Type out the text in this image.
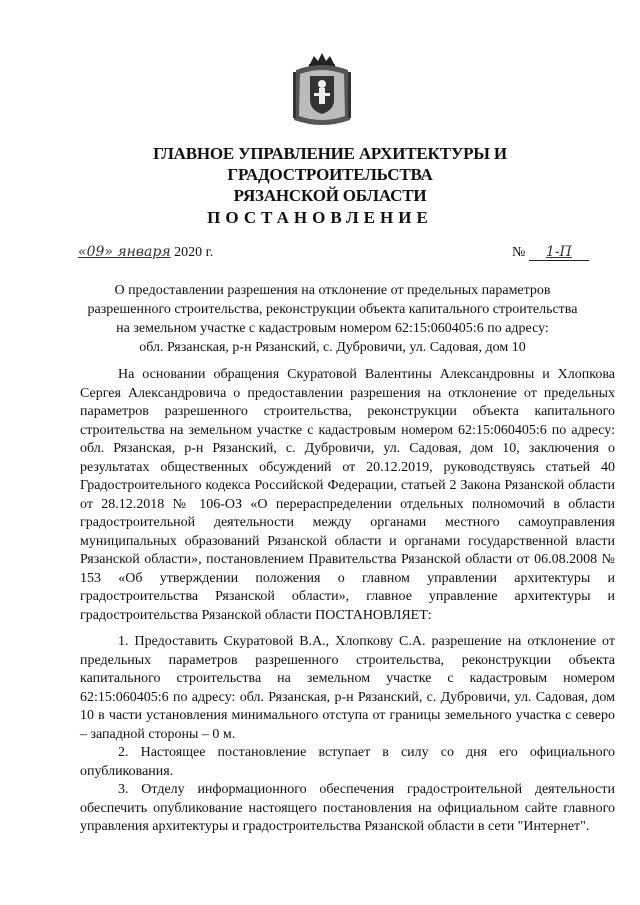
ГЛАВНОЕ УПРАВЛЕНИЕ АРХИТЕКТУРЫ И ГРАДОСТРОИТЕЛЬСТВА
РЯЗАНСКОЙ ОБЛАСТИ
ПОСТАНОВЛЕНИЕ
«09» января 2020 г.	№ 1-П
О предоставлении разрешения на отклонение от предельных параметров
разрешенного строительства, реконструкции объекта капитального строительства
на земельном участке с кадастровым номером 62:15:060405:6 по адресу:
обл. Рязанская, р-н Рязанский, с. Дубровичи, ул. Садовая, дом 10

На основании обращения Скуратовой Валентины Александровны и Хлопкова Сергея Александровича о предоставлении разрешения на отклонение от предельных параметров разрешенного строительства, реконструкции объекта капитального строительства на земельном участке с кадастровым номером 62:15:060405:6 по адресу: обл. Рязанская, р-н Рязанский, с. Дубровичи, ул. Садовая, дом 10, заключения о результатах общественных обсуждений от 20.12.2019, руководствуясь статьей 40 Градостроительного кодекса Российской Федерации, статьей 2 Закона Рязанской области от 28.12.2018 № 106-ОЗ «О перераспределении отдельных полномочий в области градостроительной деятельности между органами местного самоуправления муниципальных образований Рязанской области и органами государственной власти Рязанской области», постановлением Правительства Рязанской области от 06.08.2008 № 153 «Об утверждении положения о главном управлении архитектуры и градостроительства Рязанской области», главное управление архитектуры и градостроительства Рязанской области ПОСТАНОВЛЯЕТ:

1. Предоставить Скуратовой В.А., Хлопкову С.А. разрешение на отклонение от предельных параметров разрешенного строительства, реконструкции объекта капитального строительства на земельном участке с кадастровым номером 62:15:060405:6 по адресу: обл. Рязанская, р-н Рязанский, с. Дубровичи, ул. Садовая, дом 10 в части установления минимального отступа от границы земельного участка с северо – западной стороны – 0 м.

2. Настоящее постановление вступает в силу со дня его официального опубликования.

3. Отделу информационного обеспечения градостроительной деятельности обеспечить опубликование настоящего постановления на официальном сайте главного управления архитектуры и градостроительства Рязанской области в сети "Интернет".
